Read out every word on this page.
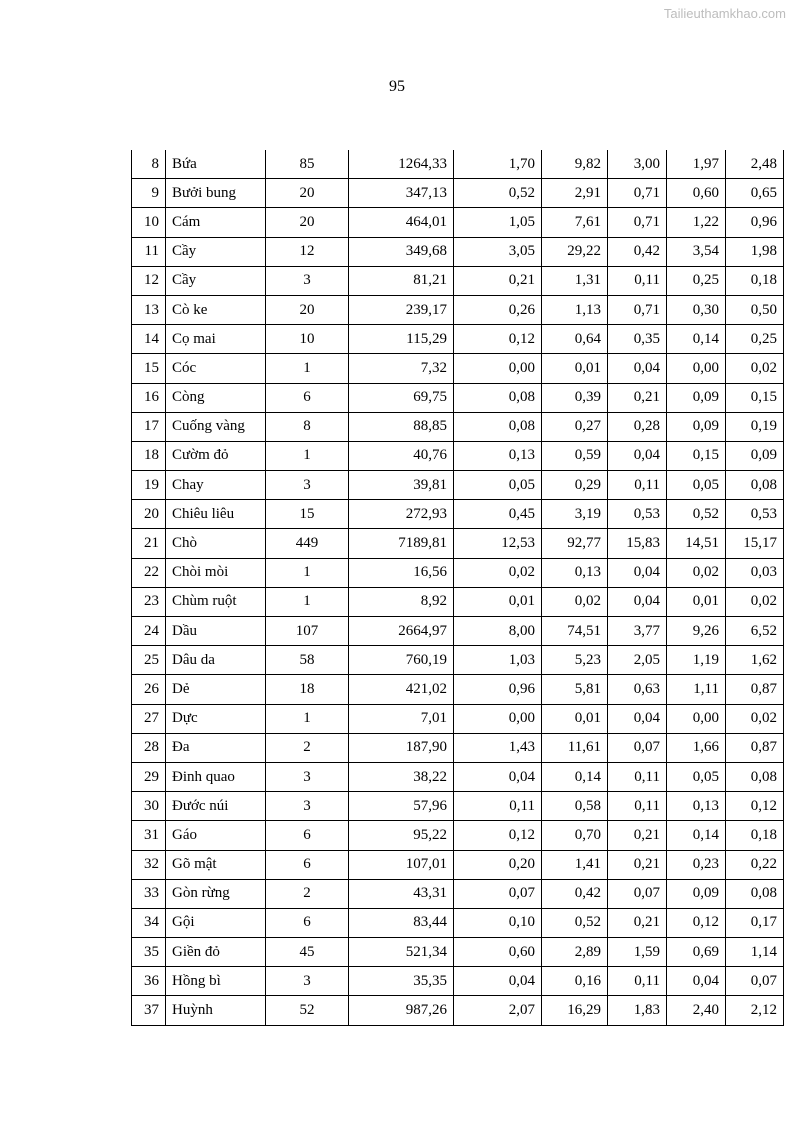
Tailieuthamkhao.com
95
8	Bứa	85	1264,33	1,70	9,82	3,00	1,97	2,48
9	Bưởi bung	20	347,13	0,52	2,91	0,71	0,60	0,65
10	Cám	20	464,01	1,05	7,61	0,71	1,22	0,96
11	Cầy	12	349,68	3,05	29,22	0,42	3,54	1,98
12	Cầy	3	81,21	0,21	1,31	0,11	0,25	0,18
13	Cò ke	20	239,17	0,26	1,13	0,71	0,30	0,50
14	Cọ mai	10	115,29	0,12	0,64	0,35	0,14	0,25
15	Cóc	1	7,32	0,00	0,01	0,04	0,00	0,02
16	Còng	6	69,75	0,08	0,39	0,21	0,09	0,15
17	Cuống vàng	8	88,85	0,08	0,27	0,28	0,09	0,19
18	Cườm đỏ	1	40,76	0,13	0,59	0,04	0,15	0,09
19	Chay	3	39,81	0,05	0,29	0,11	0,05	0,08
20	Chiêu liêu	15	272,93	0,45	3,19	0,53	0,52	0,53
21	Chò	449	7189,81	12,53	92,77	15,83	14,51	15,17
22	Chòi mòi	1	16,56	0,02	0,13	0,04	0,02	0,03
23	Chùm ruột	1	8,92	0,01	0,02	0,04	0,01	0,02
24	Dầu	107	2664,97	8,00	74,51	3,77	9,26	6,52
25	Dâu da	58	760,19	1,03	5,23	2,05	1,19	1,62
26	Dẻ	18	421,02	0,96	5,81	0,63	1,11	0,87
27	Dực	1	7,01	0,00	0,01	0,04	0,00	0,02
28	Đa	2	187,90	1,43	11,61	0,07	1,66	0,87
29	Đinh quao	3	38,22	0,04	0,14	0,11	0,05	0,08
30	Đước núi	3	57,96	0,11	0,58	0,11	0,13	0,12
31	Gáo	6	95,22	0,12	0,70	0,21	0,14	0,18
32	Gõ mật	6	107,01	0,20	1,41	0,21	0,23	0,22
33	Gòn rừng	2	43,31	0,07	0,42	0,07	0,09	0,08
34	Gội	6	83,44	0,10	0,52	0,21	0,12	0,17
35	Giền đỏ	45	521,34	0,60	2,89	1,59	0,69	1,14
36	Hồng bì	3	35,35	0,04	0,16	0,11	0,04	0,07
37	Huỳnh	52	987,26	2,07	16,29	1,83	2,40	2,12
